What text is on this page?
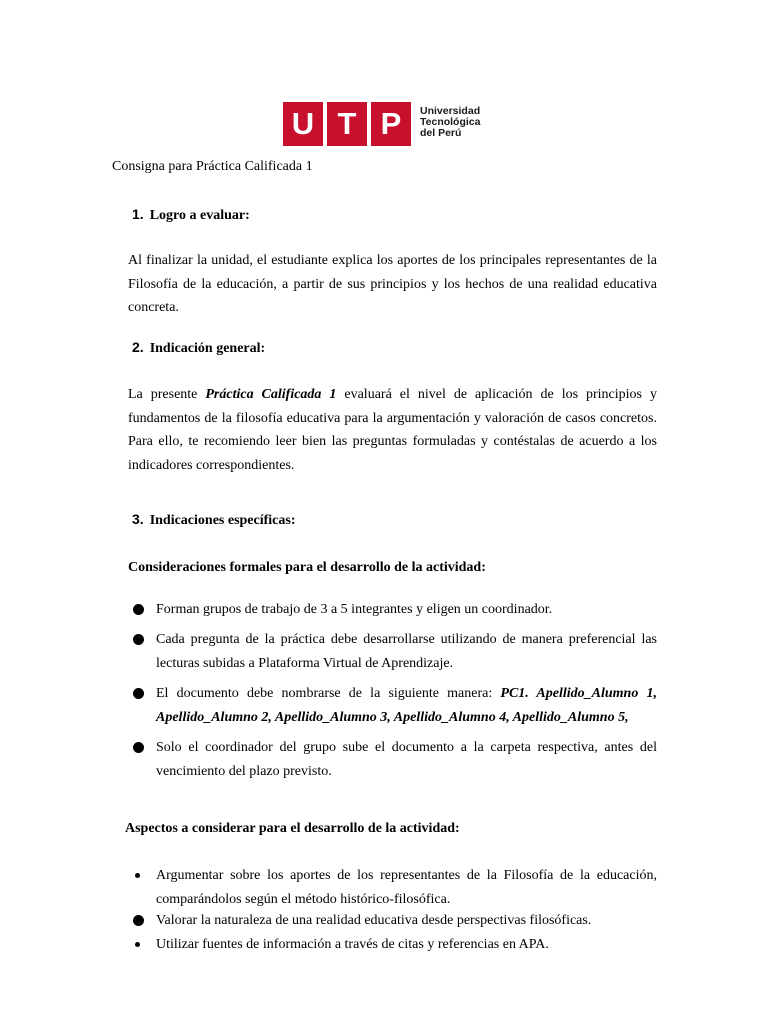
U T P	Universidad
Tecnológica
del Perú
Consigna para Práctica Calificada 1
1. Logro a evaluar:
Al finalizar la unidad, el estudiante explica los aportes de los principales representantes de la Filosofía de la educación, a partir de sus principios y los hechos de una realidad educativa concreta.
2. Indicación general:
La presente Práctica Calificada 1 evaluará el nivel de aplicación de los principios y fundamentos de la filosofía educativa para la argumentación y valoración de casos concretos. Para ello, te recomiendo leer bien las preguntas formuladas y contéstalas de acuerdo a los indicadores correspondientes.
3. Indicaciones específicas:
Consideraciones formales para el desarrollo de la actividad:
Forman grupos de trabajo de 3 a 5 integrantes y eligen un coordinador.
Cada pregunta de la práctica debe desarrollarse utilizando de manera preferencial las lecturas subidas a Plataforma Virtual de Aprendizaje.
El documento debe nombrarse de la siguiente manera: PC1. Apellido_Alumno 1, Apellido_Alumno 2, Apellido_Alumno 3, Apellido_Alumno 4, Apellido_Alumno 5,
Solo el coordinador del grupo sube el documento a la carpeta respectiva, antes del vencimiento del plazo previsto.
Aspectos a considerar para el desarrollo de la actividad:
Argumentar sobre los aportes de los representantes de la Filosofía de la educación, comparándolos según el método histórico-filosófica.
Valorar la naturaleza de una realidad educativa desde perspectivas filosóficas.
Utilizar fuentes de información a través de citas y referencias en APA.
